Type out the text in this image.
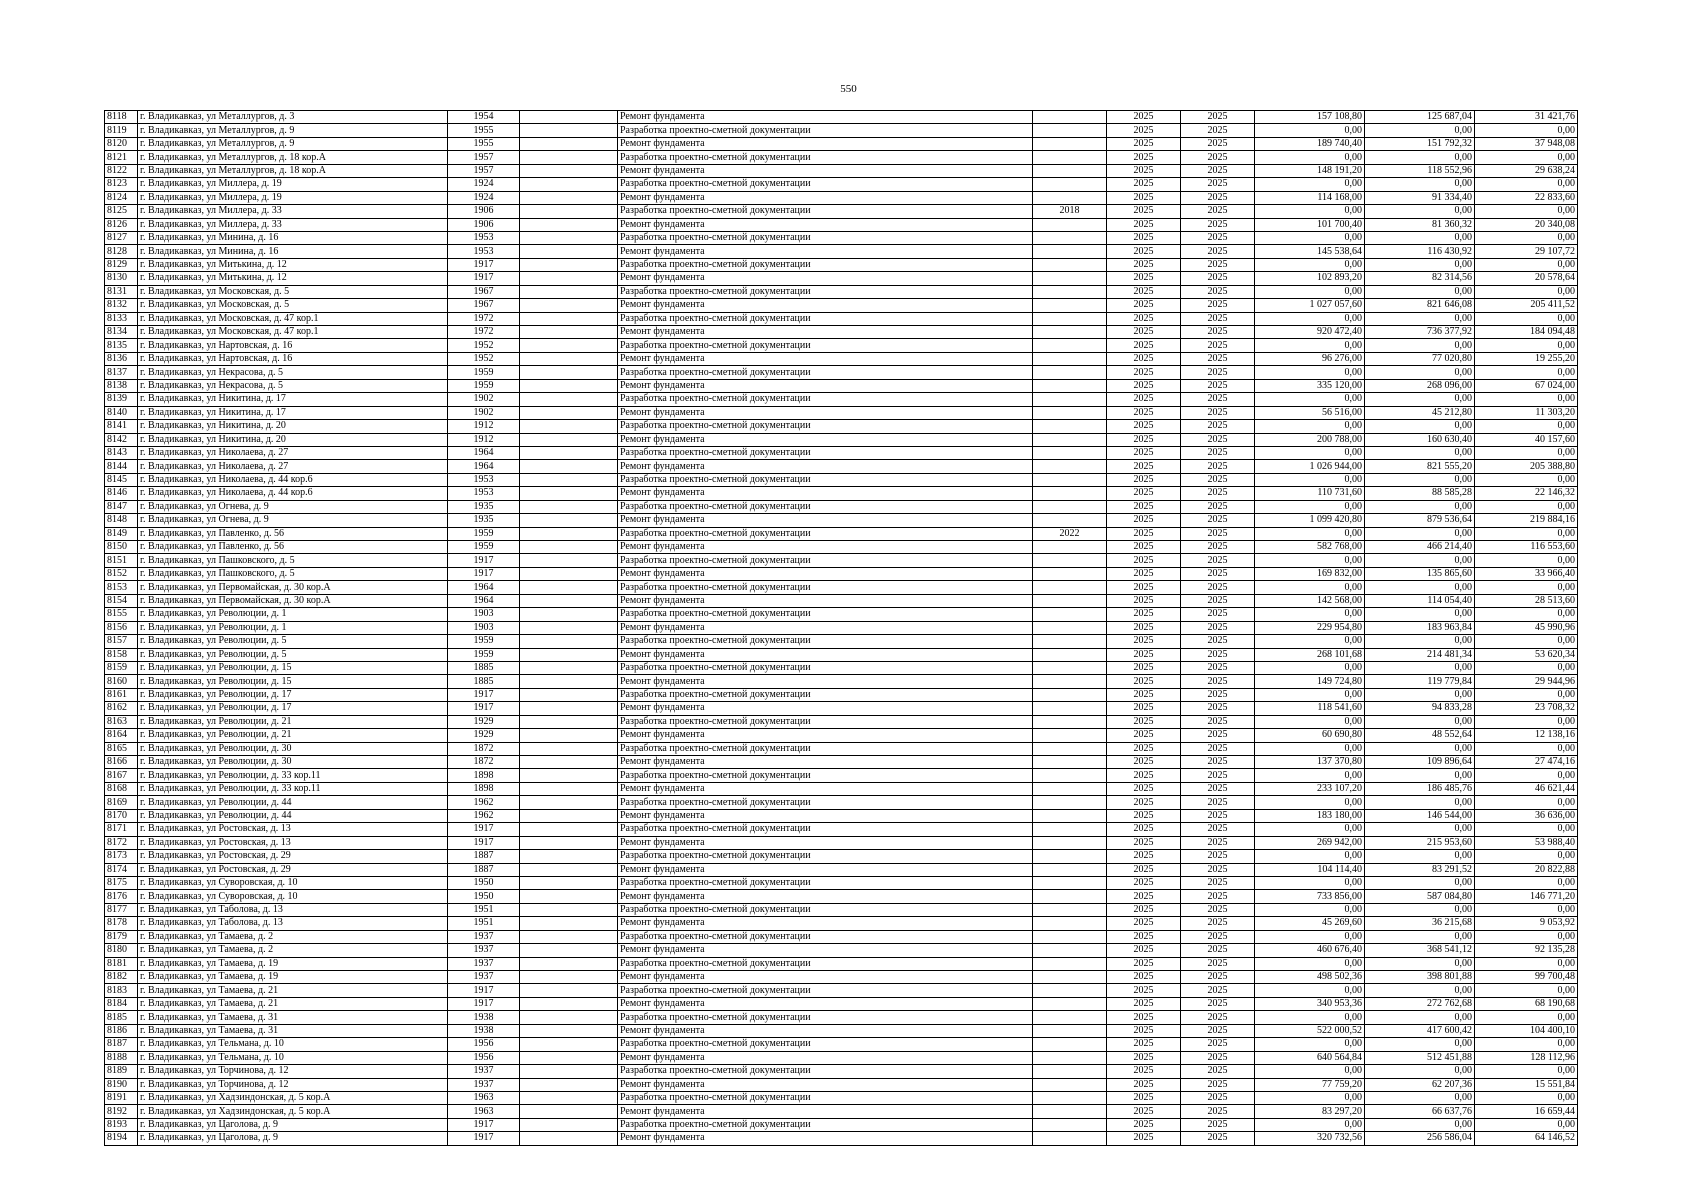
550
8118	г. Владикавказ, ул Металлургов, д. 3	1954		Ремонт фундамента		2025	2025	157 108,80	125 687,04	31 421,76
8119	г. Владикавказ, ул Металлургов, д. 9	1955		Разработка проектно-сметной документации		2025	2025	0,00	0,00	0,00
8120	г. Владикавказ, ул Металлургов, д. 9	1955		Ремонт фундамента		2025	2025	189 740,40	151 792,32	37 948,08
8121	г. Владикавказ, ул Металлургов, д. 18 кор.А	1957		Разработка проектно-сметной документации		2025	2025	0,00	0,00	0,00
8122	г. Владикавказ, ул Металлургов, д. 18 кор.А	1957		Ремонт фундамента		2025	2025	148 191,20	118 552,96	29 638,24
8123	г. Владикавказ, ул Миллера, д. 19	1924		Разработка проектно-сметной документации		2025	2025	0,00	0,00	0,00
8124	г. Владикавказ, ул Миллера, д. 19	1924		Ремонт фундамента		2025	2025	114 168,00	91 334,40	22 833,60
8125	г. Владикавказ, ул Миллера, д. 33	1906		Разработка проектно-сметной документации	2018	2025	2025	0,00	0,00	0,00
8126	г. Владикавказ, ул Миллера, д. 33	1906		Ремонт фундамента		2025	2025	101 700,40	81 360,32	20 340,08
8127	г. Владикавказ, ул Минина, д. 16	1953		Разработка проектно-сметной документации		2025	2025	0,00	0,00	0,00
8128	г. Владикавказ, ул Минина, д. 16	1953		Ремонт фундамента		2025	2025	145 538,64	116 430,92	29 107,72
8129	г. Владикавказ, ул Митькина, д. 12	1917		Разработка проектно-сметной документации		2025	2025	0,00	0,00	0,00
8130	г. Владикавказ, ул Митькина, д. 12	1917		Ремонт фундамента		2025	2025	102 893,20	82 314,56	20 578,64
8131	г. Владикавказ, ул Московская, д. 5	1967		Разработка проектно-сметной документации		2025	2025	0,00	0,00	0,00
8132	г. Владикавказ, ул Московская, д. 5	1967		Ремонт фундамента		2025	2025	1 027 057,60	821 646,08	205 411,52
8133	г. Владикавказ, ул Московская, д. 47 кор.1	1972		Разработка проектно-сметной документации		2025	2025	0,00	0,00	0,00
8134	г. Владикавказ, ул Московская, д. 47 кор.1	1972		Ремонт фундамента		2025	2025	920 472,40	736 377,92	184 094,48
8135	г. Владикавказ, ул Нартовская, д. 16	1952		Разработка проектно-сметной документации		2025	2025	0,00	0,00	0,00
8136	г. Владикавказ, ул Нартовская, д. 16	1952		Ремонт фундамента		2025	2025	96 276,00	77 020,80	19 255,20
8137	г. Владикавказ, ул Некрасова, д. 5	1959		Разработка проектно-сметной документации		2025	2025	0,00	0,00	0,00
8138	г. Владикавказ, ул Некрасова, д. 5	1959		Ремонт фундамента		2025	2025	335 120,00	268 096,00	67 024,00
8139	г. Владикавказ, ул Никитина, д. 17	1902		Разработка проектно-сметной документации		2025	2025	0,00	0,00	0,00
8140	г. Владикавказ, ул Никитина, д. 17	1902		Ремонт фундамента		2025	2025	56 516,00	45 212,80	11 303,20
8141	г. Владикавказ, ул Никитина, д. 20	1912		Разработка проектно-сметной документации		2025	2025	0,00	0,00	0,00
8142	г. Владикавказ, ул Никитина, д. 20	1912		Ремонт фундамента		2025	2025	200 788,00	160 630,40	40 157,60
8143	г. Владикавказ, ул Николаева, д. 27	1964		Разработка проектно-сметной документации		2025	2025	0,00	0,00	0,00
8144	г. Владикавказ, ул Николаева, д. 27	1964		Ремонт фундамента		2025	2025	1 026 944,00	821 555,20	205 388,80
8145	г. Владикавказ, ул Николаева, д. 44 кор.6	1953		Разработка проектно-сметной документации		2025	2025	0,00	0,00	0,00
8146	г. Владикавказ, ул Николаева, д. 44 кор.6	1953		Ремонт фундамента		2025	2025	110 731,60	88 585,28	22 146,32
8147	г. Владикавказ, ул Огнева, д. 9	1935		Разработка проектно-сметной документации		2025	2025	0,00	0,00	0,00
8148	г. Владикавказ, ул Огнева, д. 9	1935		Ремонт фундамента		2025	2025	1 099 420,80	879 536,64	219 884,16
8149	г. Владикавказ, ул Павленко, д. 56	1959		Разработка проектно-сметной документации	2022	2025	2025	0,00	0,00	0,00
8150	г. Владикавказ, ул Павленко, д. 56	1959		Ремонт фундамента		2025	2025	582 768,00	466 214,40	116 553,60
8151	г. Владикавказ, ул Пашковского, д. 5	1917		Разработка проектно-сметной документации		2025	2025	0,00	0,00	0,00
8152	г. Владикавказ, ул Пашковского, д. 5	1917		Ремонт фундамента		2025	2025	169 832,00	135 865,60	33 966,40
8153	г. Владикавказ, ул Первомайская, д. 30 кор.А	1964		Разработка проектно-сметной документации		2025	2025	0,00	0,00	0,00
8154	г. Владикавказ, ул Первомайская, д. 30 кор.А	1964		Ремонт фундамента		2025	2025	142 568,00	114 054,40	28 513,60
8155	г. Владикавказ, ул Революции, д. 1	1903		Разработка проектно-сметной документации		2025	2025	0,00	0,00	0,00
8156	г. Владикавказ, ул Революции, д. 1	1903		Ремонт фундамента		2025	2025	229 954,80	183 963,84	45 990,96
8157	г. Владикавказ, ул Революции, д. 5	1959		Разработка проектно-сметной документации		2025	2025	0,00	0,00	0,00
8158	г. Владикавказ, ул Революции, д. 5	1959		Ремонт фундамента		2025	2025	268 101,68	214 481,34	53 620,34
8159	г. Владикавказ, ул Революции, д. 15	1885		Разработка проектно-сметной документации		2025	2025	0,00	0,00	0,00
8160	г. Владикавказ, ул Революции, д. 15	1885		Ремонт фундамента		2025	2025	149 724,80	119 779,84	29 944,96
8161	г. Владикавказ, ул Революции, д. 17	1917		Разработка проектно-сметной документации		2025	2025	0,00	0,00	0,00
8162	г. Владикавказ, ул Революции, д. 17	1917		Ремонт фундамента		2025	2025	118 541,60	94 833,28	23 708,32
8163	г. Владикавказ, ул Революции, д. 21	1929		Разработка проектно-сметной документации		2025	2025	0,00	0,00	0,00
8164	г. Владикавказ, ул Революции, д. 21	1929		Ремонт фундамента		2025	2025	60 690,80	48 552,64	12 138,16
8165	г. Владикавказ, ул Революции, д. 30	1872		Разработка проектно-сметной документации		2025	2025	0,00	0,00	0,00
8166	г. Владикавказ, ул Революции, д. 30	1872		Ремонт фундамента		2025	2025	137 370,80	109 896,64	27 474,16
8167	г. Владикавказ, ул Революции, д. 33 кор.11	1898		Разработка проектно-сметной документации		2025	2025	0,00	0,00	0,00
8168	г. Владикавказ, ул Революции, д. 33 кор.11	1898		Ремонт фундамента		2025	2025	233 107,20	186 485,76	46 621,44
8169	г. Владикавказ, ул Революции, д. 44	1962		Разработка проектно-сметной документации		2025	2025	0,00	0,00	0,00
8170	г. Владикавказ, ул Революции, д. 44	1962		Ремонт фундамента		2025	2025	183 180,00	146 544,00	36 636,00
8171	г. Владикавказ, ул Ростовская, д. 13	1917		Разработка проектно-сметной документации		2025	2025	0,00	0,00	0,00
8172	г. Владикавказ, ул Ростовская, д. 13	1917		Ремонт фундамента		2025	2025	269 942,00	215 953,60	53 988,40
8173	г. Владикавказ, ул Ростовская, д. 29	1887		Разработка проектно-сметной документации		2025	2025	0,00	0,00	0,00
8174	г. Владикавказ, ул Ростовская, д. 29	1887		Ремонт фундамента		2025	2025	104 114,40	83 291,52	20 822,88
8175	г. Владикавказ, ул Суворовская, д. 10	1950		Разработка проектно-сметной документации		2025	2025	0,00	0,00	0,00
8176	г. Владикавказ, ул Суворовская, д. 10	1950		Ремонт фундамента		2025	2025	733 856,00	587 084,80	146 771,20
8177	г. Владикавказ, ул Таболова, д. 13	1951		Разработка проектно-сметной документации		2025	2025	0,00	0,00	0,00
8178	г. Владикавказ, ул Таболова, д. 13	1951		Ремонт фундамента		2025	2025	45 269,60	36 215,68	9 053,92
8179	г. Владикавказ, ул Тамаева, д. 2	1937		Разработка проектно-сметной документации		2025	2025	0,00	0,00	0,00
8180	г. Владикавказ, ул Тамаева, д. 2	1937		Ремонт фундамента		2025	2025	460 676,40	368 541,12	92 135,28
8181	г. Владикавказ, ул Тамаева, д. 19	1937		Разработка проектно-сметной документации		2025	2025	0,00	0,00	0,00
8182	г. Владикавказ, ул Тамаева, д. 19	1937		Ремонт фундамента		2025	2025	498 502,36	398 801,88	99 700,48
8183	г. Владикавказ, ул Тамаева, д. 21	1917		Разработка проектно-сметной документации		2025	2025	0,00	0,00	0,00
8184	г. Владикавказ, ул Тамаева, д. 21	1917		Ремонт фундамента		2025	2025	340 953,36	272 762,68	68 190,68
8185	г. Владикавказ, ул Тамаева, д. 31	1938		Разработка проектно-сметной документации		2025	2025	0,00	0,00	0,00
8186	г. Владикавказ, ул Тамаева, д. 31	1938		Ремонт фундамента		2025	2025	522 000,52	417 600,42	104 400,10
8187	г. Владикавказ, ул Тельмана, д. 10	1956		Разработка проектно-сметной документации		2025	2025	0,00	0,00	0,00
8188	г. Владикавказ, ул Тельмана, д. 10	1956		Ремонт фундамента		2025	2025	640 564,84	512 451,88	128 112,96
8189	г. Владикавказ, ул Торчинова, д. 12	1937		Разработка проектно-сметной документации		2025	2025	0,00	0,00	0,00
8190	г. Владикавказ, ул Торчинова, д. 12	1937		Ремонт фундамента		2025	2025	77 759,20	62 207,36	15 551,84
8191	г. Владикавказ, ул Хадзиндонская, д. 5 кор.А	1963		Разработка проектно-сметной документации		2025	2025	0,00	0,00	0,00
8192	г. Владикавказ, ул Хадзиндонская, д. 5 кор.А	1963		Ремонт фундамента		2025	2025	83 297,20	66 637,76	16 659,44
8193	г. Владикавказ, ул Цаголова, д. 9	1917		Разработка проектно-сметной документации		2025	2025	0,00	0,00	0,00
8194	г. Владикавказ, ул Цаголова, д. 9	1917		Ремонт фундамента		2025	2025	320 732,56	256 586,04	64 146,52
